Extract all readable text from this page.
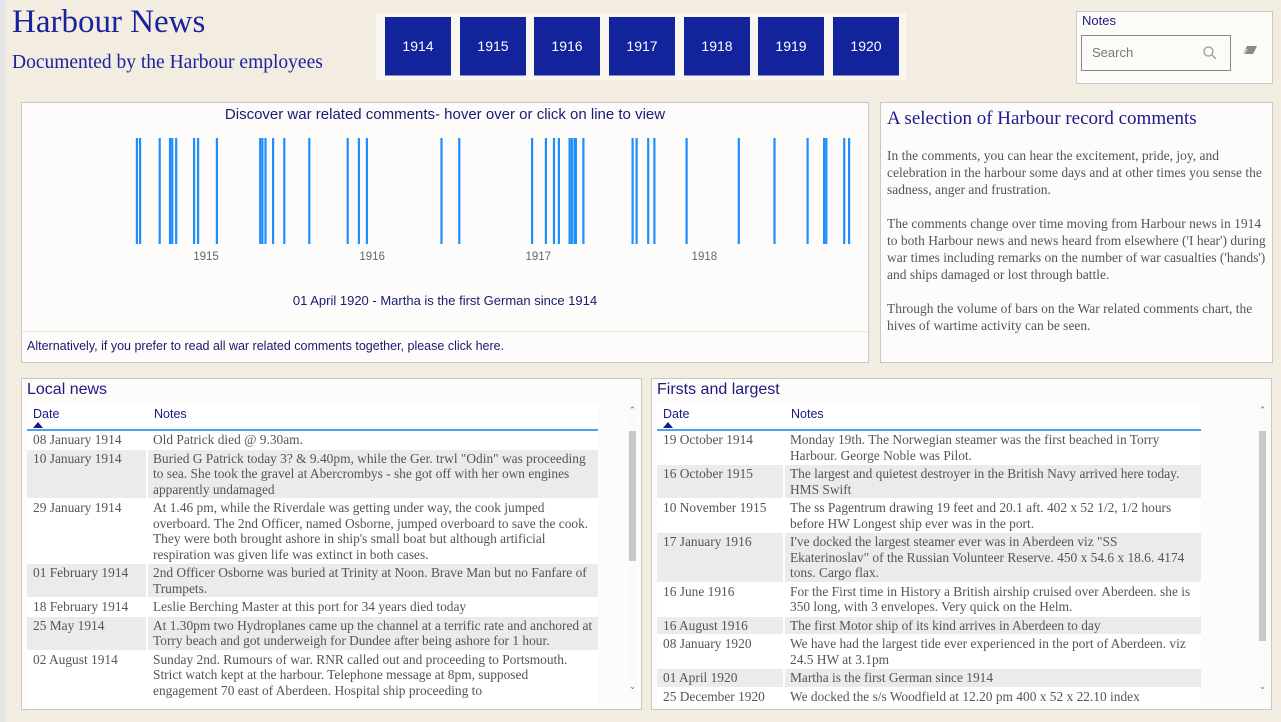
Harbour News
Documented by the Harbour employees
1914	1915	1916	1917	1918	1919	1920
Notes
Search
Discover war related comments- hover over or click on line to view
1915	1916	1917	1918
01 April 1920 - Martha is the first German since 1914
Alternatively, if you prefer to read all war related comments together, please click here.
A selection of Harbour record comments

In the comments, you can hear the excitement, pride, joy, and celebration in the harbour some days and at other times you sense the sadness, anger and frustration.

The comments change over time moving from Harbour news in 1914 to both Harbour news and news heard from elsewhere ('I hear') during war times including remarks on the number of war casualties ('hands') and ships damaged or lost through battle.

Through the volume of bars on the War related comments chart, the hives of wartime activity can be seen.

Local news
Date	Notes
08 January 1914	Old Patrick died @ 9.30am.
10 January 1914	Buried G Patrick today 3? & 9.40pm, while the Ger. trwl "Odin" was proceeding to sea. She took the gravel at Abercrombys - she got off with her own engines apparently undamaged
29 January 1914	At 1.46 pm, while the Riverdale was getting under way, the cook jumped overboard. The 2nd Officer, named Osborne, jumped overboard to save the cook. They were both brought ashore in ship's small boat but although artificial respiration was given life was extinct in both cases.
01 February 1914	2nd Officer Osborne was buried at Trinity at Noon. Brave Man but no Fanfare of Trumpets.
18 February 1914	Leslie Berching Master at this port for 34 years died today
25 May 1914	At 1.30pm two Hydroplanes came up the channel at a terrific rate and anchored at Torry beach and got underweigh for Dundee after being ashore for 1 hour.
02 August 1914	Sunday 2nd. Rumours of war. RNR called out and proceeding to Portsmouth. Strict watch kept at the harbour. Telephone message at 8pm, supposed engagement 70 east of Aberdeen. Hospital ship proceeding to
⌃
⌄
Firsts and largest
Date	Notes
19 October 1914	Monday 19th. The Norwegian steamer was the first beached in Torry Harbour. George Noble was Pilot.
16 October 1915	The largest and quietest destroyer in the British Navy arrived here today. HMS Swift
10 November 1915	The ss Pagentrum drawing 19 feet and 20.1 aft. 402 x 52 1/2, 1/2 hours before HW Longest ship ever was in the port.
17 January 1916	I've docked the largest steamer ever was in Aberdeen viz "SS Ekaterinoslav" of the Russian Volunteer Reserve. 450 x 54.6 x 18.6. 4174 tons. Cargo flax.
16 June 1916	For the First time in History a British airship cruised over Aberdeen. she is 350 long, with 3 envelopes. Very quick on the Helm.
16 August 1916	The first Motor ship of its kind arrives in Aberdeen to day
08 January 1920	We have had the largest tide ever experienced in the port of Aberdeen. viz 24.5 HW at 3.1pm
01 April 1920	Martha is the first German since 1914
25 December 1920	We docked the s/s Woodfield at 12.20 pm 400 x 52 x 22.10 index
⌃
⌄
